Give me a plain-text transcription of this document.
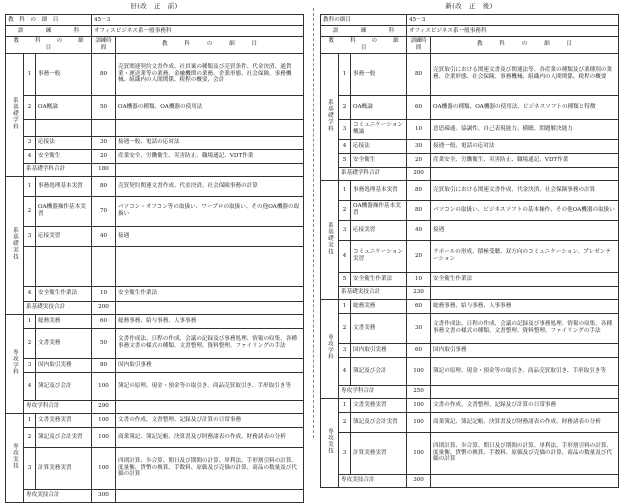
旧(改　正　前)
教　科　の　細　目			45－3	
訓　　　　練　　　　科			オフィスビジネス系一般事務科	
教　　　科　　　の　　　細　　　目			訓練時間	教　　　科　　　の　　　細　　　目
系基礎学科	1	事務一般	80	売買関連契約文書作成、社員案の種類及び売買条件、代金決済、通貨業・運送業等の業務、金融機関の業務、企業形態、社会保険、事務機械、組織内の人間関係、税程の概要、会計
	2	OA概論	50	OA機器の種類、OA機器の使用法

	3	応接法	30	接遇一般、電話の応対法
	4	安全衛生	20	産業安全、労働衛生、災害防止、職場通記、VDT作業
	系基礎学科合計		180	
系基礎実技	1	事務処理基本実習	80	売買契約関連文書作成、代金決済、社会保険事務の計算
	2	OA機器操作基本実習	70	パソコン・オフコン等の取扱い、ワープロの取扱い、その他OA機器の取扱い
	3	応接実習	40	接遇

	4	安全衛生作業法	10	安全衛生作業法
	系基礎実技合計		200	
専攻学科	1	総務実務	60	総務事務、給与事務、人事事務
	2	文書実務	50	文書作成法、日程の作成、会議の記録及び事務処理、情報の収集、各種事務文書の様式の種類、文書整理、資料整理、ファイリングの手法
	3	国内取引実務	80	国内取引事務
	4	簿記及び会計	100	簿記の原理、現金・預金等の取引き、商品売買取引き、手形取引き等
	専攻学科合計		290	
専攻実技	1	文書実務実習	100	文書の作成、文書整理、記録及び計算の日常事務
	2	簿記及び会計実習	100	商業簿記、簿記記帳、決算書及び財務諸表の作成、財務諸表の分析
	3	計算実務実習	100	四則計算、歩合算、期日及び期間の計算、単利法、手形割引料の計算、度量衡、貨幣の換算、手数料、原価及び売価の計算、商品の数量及び代価の計算
	専攻実技合計		300	
新(改　正　後)
教科の細目			45－3	
訓　　　　練　　　　科			オフィスビジネス系一般事務科	
教　　　科　　　の　　　細　　　目			訓練時間	教　　　科　　　の　　　細　　　目
系基礎学科	1	事務一般	80	売買取引における関連文書及び関連法等、各産業の種類及び業種別の業務、企業形態、社会保険、事務機械、組織内の人間関係、税程の概要
	2	OA概論	60	OA機器の種類、OA機器の使用法、ビジネスソフトの種類と特徴
	3	コミュニケーション概論	10	意思疎通、協調性、自己表現能力、横聴、問題解決能力
	4	応接法	30	接遇一般、電話の応対法
	5	安全衛生	20	産業安全、労働衛生、災害防止、職場通記、VDT作業
	系基礎学科合計		200	
系基礎実技	1	事務処理基本実習	80	売買取引における関連文書作成、代金決済、社会保険事務の計算
	2	OA機器操作基本実習	80	パソコンの取扱い、ビジネスソフトの基本操作、その他OA機器の取扱い
	3	応接実習	40	接遇
	4	コミュニケーション実習	20	ラポールの形成、積極受聴、双方向のコミュニケーション、プレゼンテーション
	5	安全衛生作業法	10	安全衛生作業法
	系基礎実技合計		230	
専攻学科	1	総務実務	60	総務事務、給与事務、人事事務
	2	文書実務	30	文書作成法、日程の作成、会議の記録及び事務処理、情報の収集、各種事務文書の様式の種類、文書整理、資料整理、ファイリングの手法
	3	国内取引実務	60	国内取引事務
	4	簿記及び会計	100	簿記の原理、現金・預金等の取引き、商品売買取引き、手形取引き等
	専攻学科合計		250	
専攻実技	1	文書実務実習	100	文書の作成、文書整理、記録及び計算の日常事務
	2	簿記及び会計実習	100	商業簿記、簿記記帳、決算書及び財務諸表の作成、財務諸表の分析
	3	計算実務実習	100	四則計算、歩合算、期日及び期間の計算、単利法、手形割引料の計算、度量衡、貨幣の換算、手数料、原価及び売価の計算、商品の数量及び代価の計算
	専攻実技合計		300	
